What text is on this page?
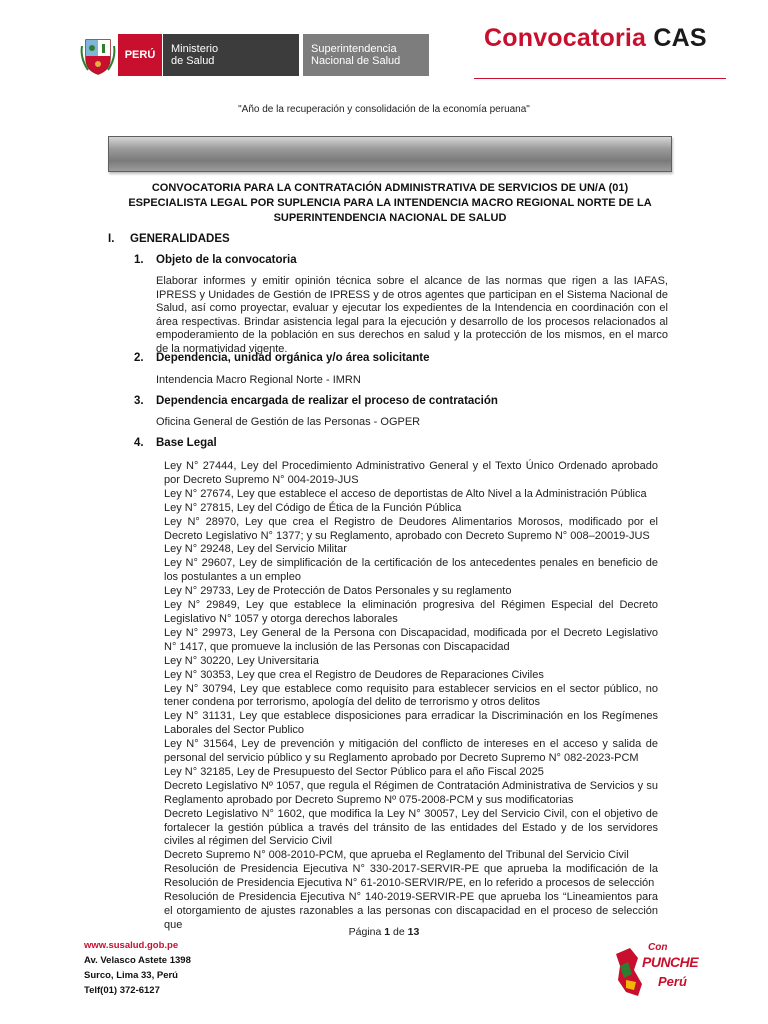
PERÚ	Ministerio
de Salud
Superintendencia
Nacional de Salud
Convocatoria CAS
"Año de la recuperación y consolidación de la economía peruana"
CONVOCATORIA PARA LA CONTRATACIÓN ADMINISTRATIVA DE SERVICIOS DE UN/A (01) ESPECIALISTA LEGAL POR SUPLENCIA PARA LA INTENDENCIA MACRO REGIONAL NORTE DE LA SUPERINTENDENCIA NACIONAL DE SALUD
I. GENERALIDADES
1. Objeto de la convocatoria
Elaborar informes y emitir opinión técnica sobre el alcance de las normas que rigen a las IAFAS, IPRESS y Unidades de Gestión de IPRESS y de otros agentes que participan en el Sistema Nacional de Salud, así como proyectar, evaluar y ejecutar los expedientes de la Intendencia en coordinación con el área respectivas. Brindar asistencia legal para la ejecución y desarrollo de los procesos relacionados al empoderamiento de la población en sus derechos en salud y la protección de los mismos, en el marco de la normatividad vigente.
2. Dependencia, unidad orgánica y/o área solicitante
Intendencia Macro Regional Norte - IMRN
3. Dependencia encargada de realizar el proceso de contratación
Oficina General de Gestión de las Personas - OGPER
4. Base Legal
Ley N° 27444, Ley del Procedimiento Administrativo General y el Texto Único Ordenado aprobado por Decreto Supremo N° 004-2019-JUS
Ley N° 27674, Ley que establece el acceso de deportistas de Alto Nivel a la Administración Pública
Ley N° 27815, Ley del Código de Ética de la Función Pública
Ley N° 28970, Ley que crea el Registro de Deudores Alimentarios Morosos, modificado por el Decreto Legislativo N° 1377; y su Reglamento, aprobado con Decreto Supremo N° 008–20019-JUS
Ley N° 29248, Ley del Servicio Militar
Ley N° 29607, Ley de simplificación de la certificación de los antecedentes penales en beneficio de los postulantes a un empleo
Ley N° 29733, Ley de Protección de Datos Personales y su reglamento
Ley N° 29849, Ley que establece la eliminación progresiva del Régimen Especial del Decreto Legislativo N° 1057 y otorga derechos laborales
Ley N° 29973, Ley General de la Persona con Discapacidad, modificada por el Decreto Legislativo N° 1417, que promueve la inclusión de las Personas con Discapacidad
Ley N° 30220, Ley Universitaria
Ley N° 30353, Ley que crea el Registro de Deudores de Reparaciones Civiles
Ley N° 30794, Ley que establece como requisito para establecer servicios en el sector público, no tener condena por terrorismo, apología del delito de terrorismo y otros delitos
Ley N° 31131, Ley que establece disposiciones para erradicar la Discriminación en los Regímenes Laborales del Sector Publico
Ley N° 31564, Ley de prevención y mitigación del conflicto de intereses en el acceso y salida de personal del servicio público y su Reglamento aprobado por Decreto Supremo N° 082-2023-PCM
Ley N° 32185, Ley de Presupuesto del Sector Público para el año Fiscal 2025
Decreto Legislativo Nº 1057, que regula el Régimen de Contratación Administrativa de Servicios y su Reglamento aprobado por Decreto Supremo Nº 075-2008-PCM y sus modificatorias
Decreto Legislativo N° 1602, que modifica la Ley N° 30057, Ley del Servicio Civil, con el objetivo de fortalecer la gestión pública a través del tránsito de las entidades del Estado y de los servidores civiles al régimen del Servicio Civil
Decreto Supremo N° 008-2010-PCM, que aprueba el Reglamento del Tribunal del Servicio Civil
Resolución de Presidencia Ejecutiva N° 330-2017-SERVIR-PE que aprueba la modificación de la Resolución de Presidencia Ejecutiva N° 61-2010-SERVIR/PE, en lo referido a procesos de selección
Resolución de Presidencia Ejecutiva N° 140-2019-SERVIR-PE que aprueba los “Lineamientos para el otorgamiento de ajustes razonables a las personas con discapacidad en el proceso de selección que
Página 1 de 13
www.susalud.gob.pe
Av. Velasco Astete 1398
Surco, Lima 33, Perú
Telf(01) 372-6127
Con
PUNCHE
Perú
